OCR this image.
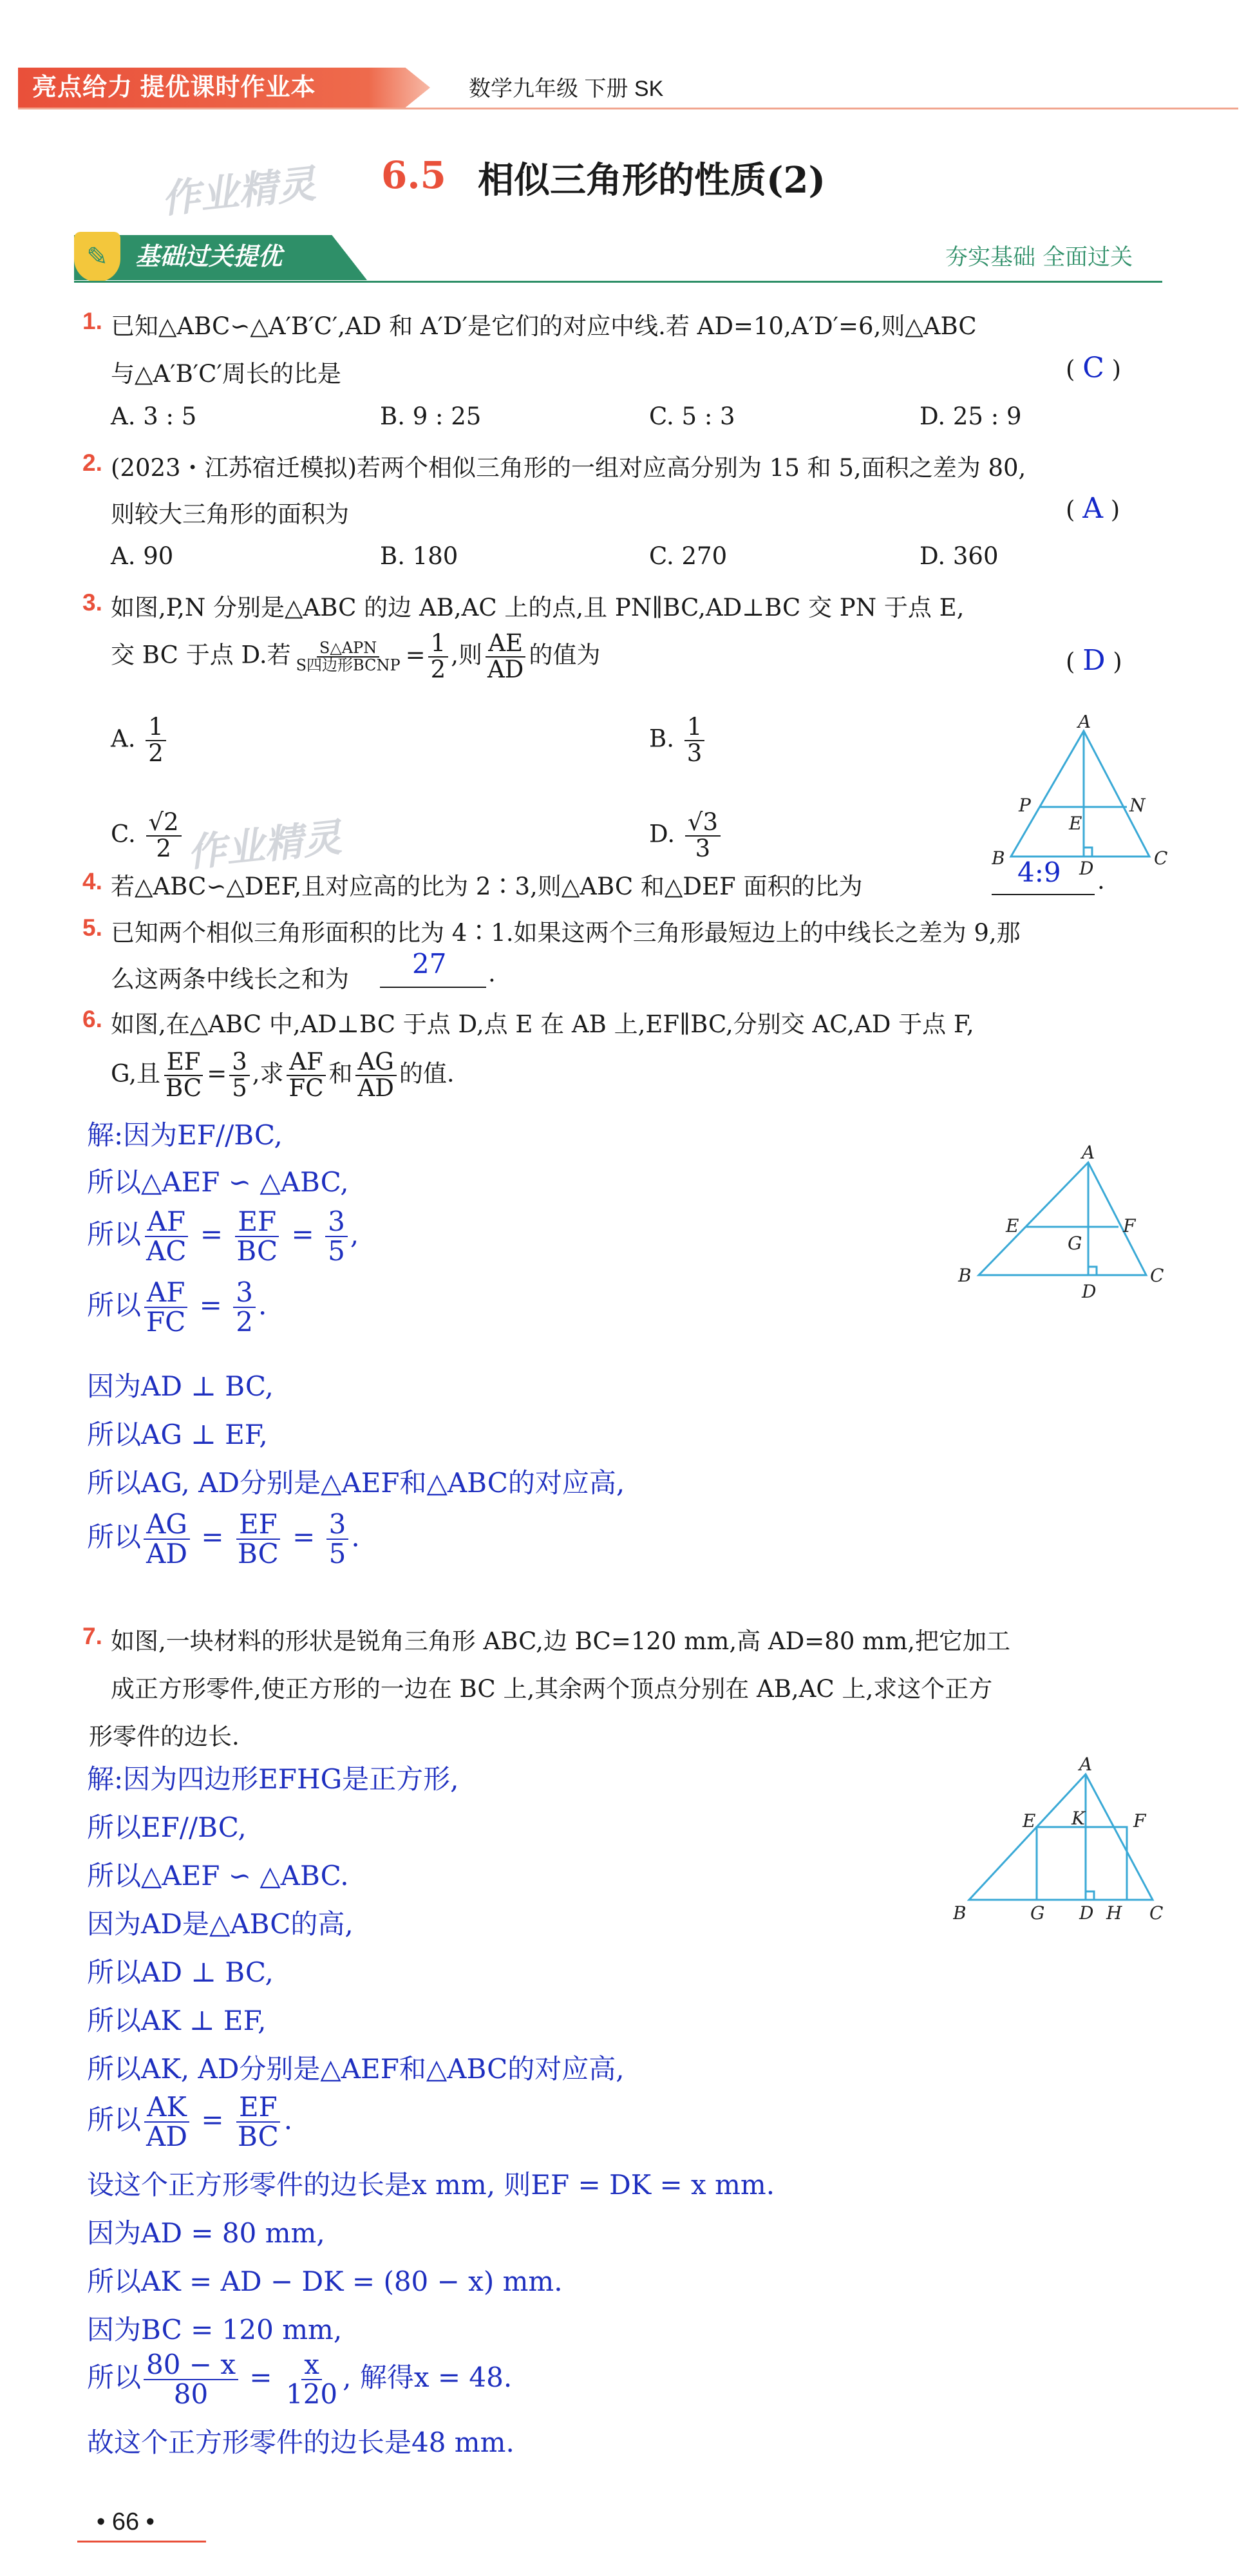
亮点给力 提优课时作业本	数学九年级 下册 SK
作业精灵 6.5 相似三角形的性质(2)
✎	基础过关提优	夯实基础 全面过关
1. 已知△ABC∽△A′B′C′,AD 和 A′D′是它们的对应中线.若 AD=10,A′D′=6,则△ABC
与△A′B′C′周长的比是	( C )
A. 3 : 5	B. 9 : 25	C. 5 : 3	D. 25 : 9
2. (2023・江苏宿迁模拟)若两个相似三角形的一组对应高分别为 15 和 5,面积之差为 80,
则较大三角形的面积为	( A )
A. 90	B. 180	C. 270	D. 360
3. 如图,P,N 分别是△ABC 的边 AB,AC 上的点,且 PN∥BC,AD⊥BC 交 PN 于点 E,
交 BC 于点 D.若 $\frac{\text{S△APN}}{\text{S四边形BCNP}} = \frac{1}{2}$ ,则 $\frac{AE}{AD}$ 的值为	( D )
A. $\frac{1}{2}$	B. $\frac{1}{3}$
C. $\frac{√2}{2}$	D. $\frac{√3}{3}$
作业精灵
A
P	N
E
B	D	C
4. 若△ABC∽△DEF,且对应高的比为 2∶3,则△ABC 和△DEF 面积的比为	4:9 .
5. 已知两个相似三角形面积的比为 4∶1.如果这两个三角形最短边上的中线长之差为 9,那
么这两条中线长之和为 27 .
6. 如图,在△ABC 中,AD⊥BC 于点 D,点 E 在 AB 上,EF∥BC,分别交 AC,AD 于点 F,
G,且 $\frac{EF}{BC} = \frac{3}{5}$ ,求 $\frac{AF}{FC}$ 和 $\frac{AG}{AD}$ 的值.
A
E	F
G
B
D
C
解:因为EF//BC,
所以△AEF ∽ △ABC,
所以 $\frac{AF}{AC} = \frac{EF}{BC} = \frac{3}{5}$ ,
所以 $\frac{AF}{FC} = \frac{3}{2}$ .
因为AD ⊥ BC,
所以AG ⊥ EF,
所以AG, AD分别是△AEF和△ABC的对应高,
所以 $\frac{AG}{AD} = \frac{EF}{BC} = \frac{3}{5}$ .
7. 如图,一块材料的形状是锐角三角形 ABC,边 BC=120 mm,高 AD=80 mm,把它加工
成正方形零件,使正方形的一边在 BC 上,其余两个顶点分别在 AB,AC 上,求这个正方
形零件的边长.
A
E K	F
B	G D H C
解:因为四边形EFHG是正方形,
所以EF//BC,
所以△AEF ∽ △ABC.
因为AD是△ABC的高,
所以AD ⊥ BC,
所以AK ⊥ EF,
所以AK, AD分别是△AEF和△ABC的对应高,
所以 $\frac{AK}{AD} = \frac{EF}{BC}$ .
设这个正方形零件的边长是x mm, 则EF = DK = x mm.
因为AD = 80 mm,
所以AK = AD − DK = (80 − x) mm.
因为BC = 120 mm,
所以 $\frac{80 - x}{80} = \frac{x}{120}$ , 解得x = 48.
故这个正方形零件的边长是48 mm.
• 66 •
